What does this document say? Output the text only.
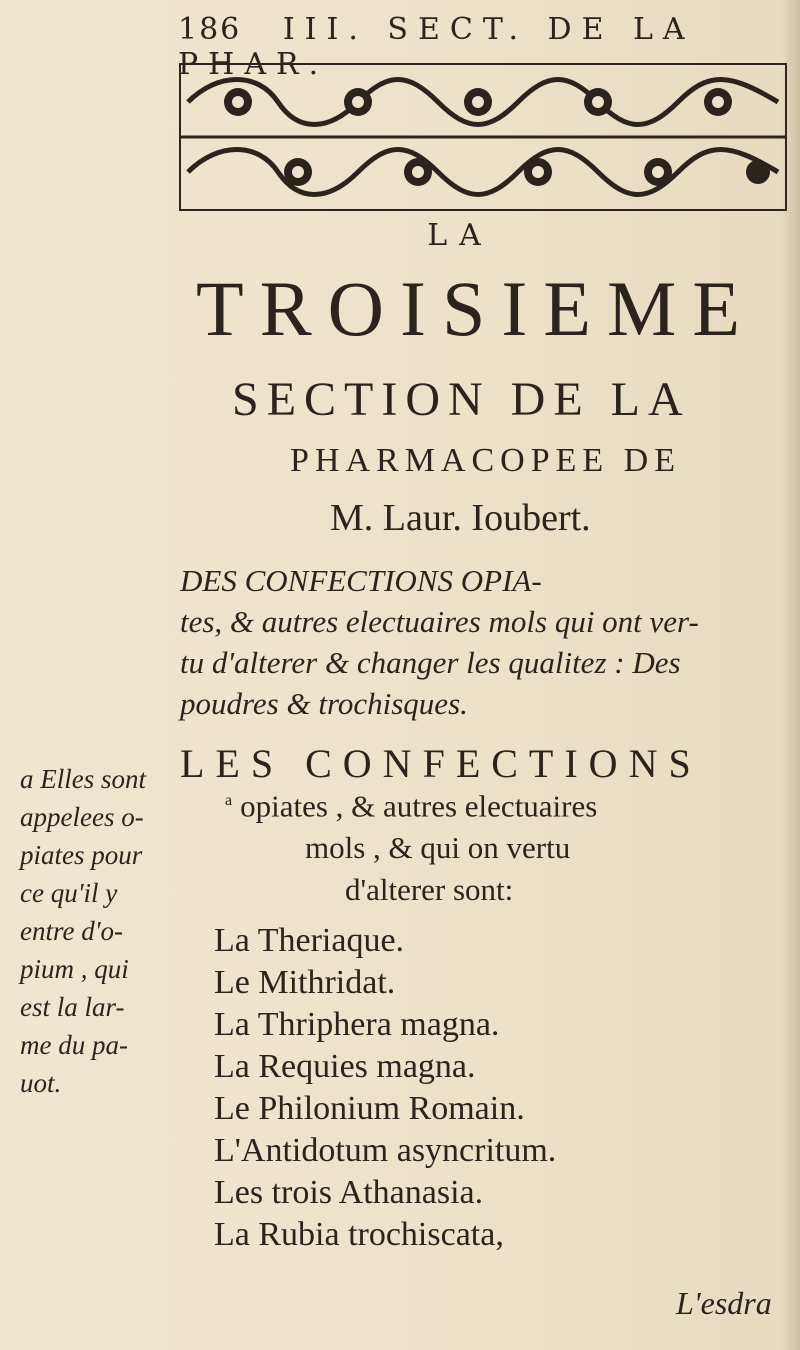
186 III. SECT. DE LA PHAR.
LA
TROISIEME
SECTION DE LA
PHARMACOPEE DE
M. Laur. Ioubert.
DES CONFECTIONS OPIA-
tes, & autres electuaires mols qui ont ver-
tu d'alterer & changer les qualitez : Des
poudres & trochisques.
LES CONFECTIONS
$^a$ opiates , & autres electuaires
mols , & qui on vertu
d'alterer sont:
a Elles sont
appelees o-
piates pour
ce qu'il y
entre d'o-
pium , qui
est la lar-
me du pa-
uot.
La Theriaque.
Le Mithridat.
La Thriphera magna.
La Requies magna.
Le Philonium Romain.
L'Antidotum asyncritum.
Les trois Athanasia.
La Rubia trochiscata,
L'esdra
